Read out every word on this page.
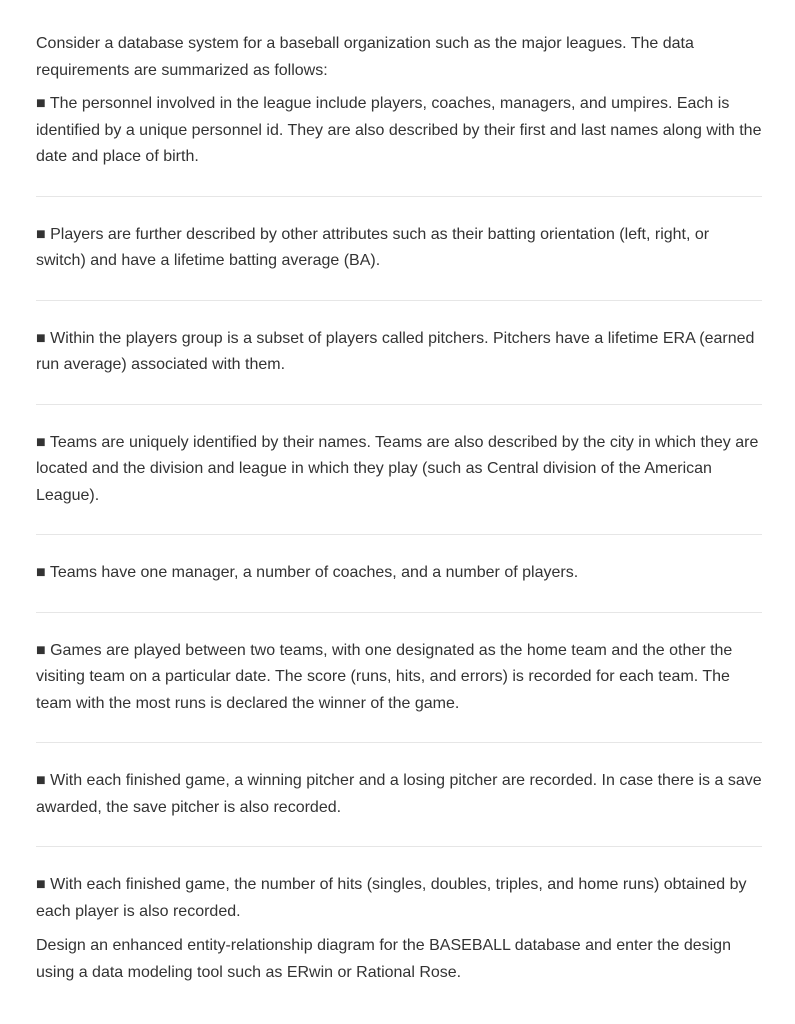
Consider a database system for a baseball organization such as the major leagues. The data requirements are summarized as follows:

■ The personnel involved in the league include players, coaches, managers, and umpires. Each is identified by a unique personnel id. They are also described by their first and last names along with the date and place of birth.

■ Players are further described by other attributes such as their batting orientation (left, right, or switch) and have a lifetime batting average (BA).

■ Within the players group is a subset of players called pitchers. Pitchers have a lifetime ERA (earned run average) associated with them.

■ Teams are uniquely identified by their names. Teams are also described by the city in which they are located and the division and league in which they play (such as Central division of the American League).

■ Teams have one manager, a number of coaches, and a number of players.

■ Games are played between two teams, with one designated as the home team and the other the visiting team on a particular date. The score (runs, hits, and errors) is recorded for each team. The team with the most runs is declared the winner of the game.

■ With each finished game, a winning pitcher and a losing pitcher are recorded. In case there is a save awarded, the save pitcher is also recorded.

■ With each finished game, the number of hits (singles, doubles, triples, and home runs) obtained by each player is also recorded.

Design an enhanced entity-relationship diagram for the BASEBALL database and enter the design using a data modeling tool such as ERwin or Rational Rose.
